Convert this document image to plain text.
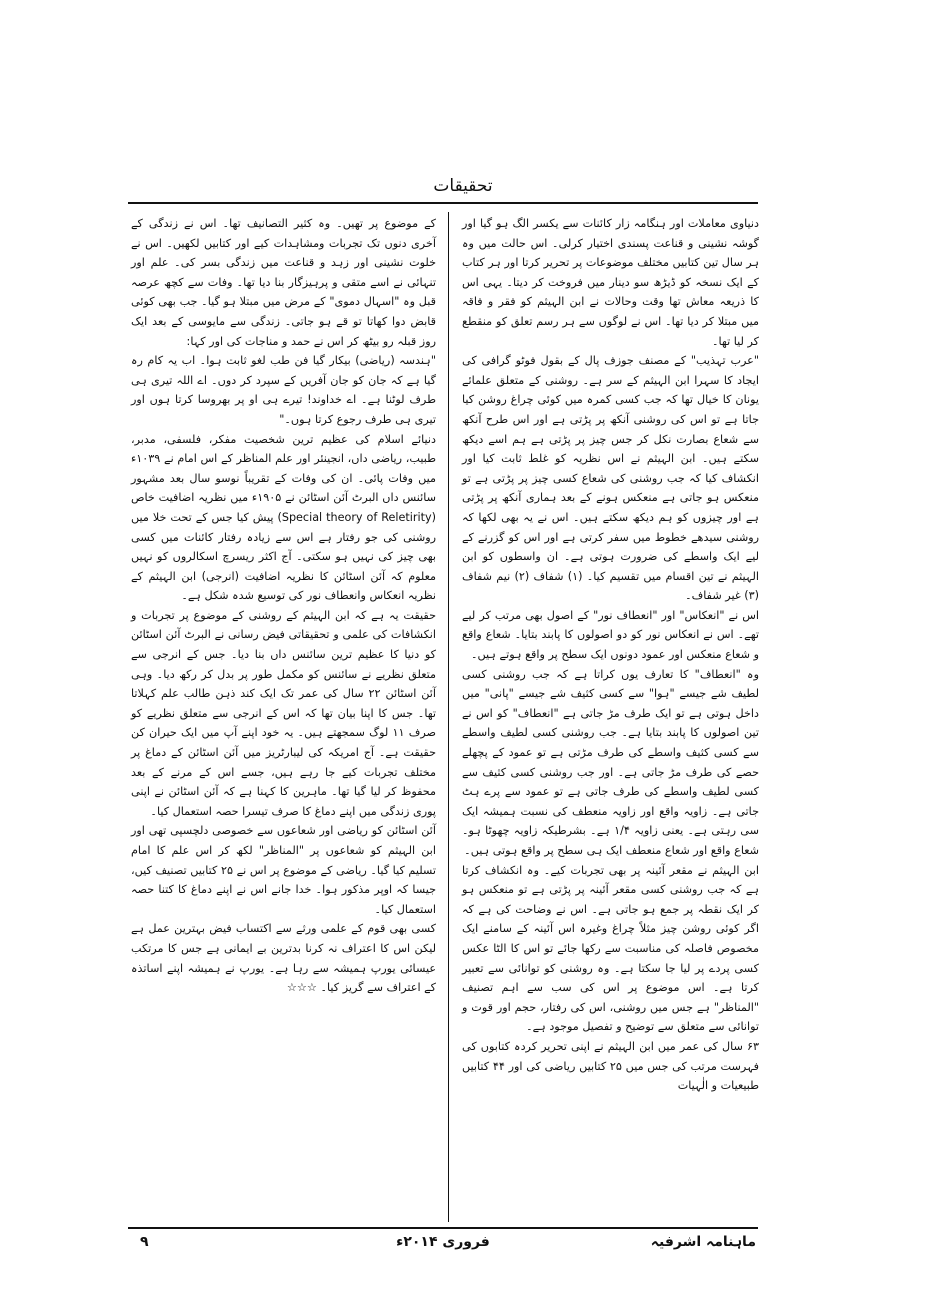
تحقیقات

دنیاوی معاملات اور ہنگامہ زار کائنات سے یکسر الگ ہو گیا اور گوشہ نشینی و قناعت پسندی اختیار کرلی۔ اس حالت میں وہ ہر سال تین کتابیں مختلف موضوعات پر تحریر کرتا اور ہر کتاب کے ایک نسخہ کو ڈیڑھ سو دینار میں فروخت کر دیتا۔ یہی اس کا ذریعہ معاش تھا وقت وحالات نے ابن الہیثم کو فقر و فاقہ میں مبتلا کر دیا تھا۔ اس نے لوگوں سے ہر رسم تعلق کو منقطع کر لیا تھا۔

"عرب تہذیب" کے مصنف جوزف پال کے بقول فوٹو گرافی کی ایجاد کا سہرا ابن الہیثم کے سر ہے۔ روشنی کے متعلق علمائے یونان کا خیال تھا کہ جب کسی کمرہ میں کوئی چراغ روشن کیا جاتا ہے تو اس کی روشنی آنکھ پر پڑتی ہے اور اس طرح آنکھ سے شعاع بصارت نکل کر جس چیز پر پڑتی ہے ہم اسے دیکھ سکتے ہیں۔ ابن الہیثم نے اس نظریہ کو غلط ثابت کیا اور انکشاف کیا کہ جب روشنی کی شعاع کسی چیز پر پڑتی ہے تو منعکس ہو جاتی ہے منعکس ہونے کے بعد ہماری آنکھ پر پڑتی ہے اور چیزوں کو ہم دیکھ سکتے ہیں۔ اس نے یہ بھی لکھا کہ روشنی سیدھے خطوط میں سفر کرتی ہے اور اس کو گزرنے کے لیے ایک واسطے کی ضرورت ہوتی ہے۔ ان واسطوں کو ابن الہیثم نے تین اقسام میں تقسیم کیا۔ (۱) شفاف (۲) نیم شفاف (۳) غیر شفاف۔

اس نے "انعکاس" اور "انعطاف نور" کے اصول بھی مرتب کر لیے تھے۔ اس نے انعکاس نور کو دو اصولوں کا پابند بتایا۔ شعاع واقع و شعاع منعکس اور عمود دونوں ایک سطح پر واقع ہوتے ہیں۔

وہ "انعطاف" کا تعارف یوں کراتا ہے کہ جب روشنی کسی لطیف شے جیسے "ہوا" سے کسی کثیف شے جیسے "پانی" میں داخل ہوتی ہے تو ایک طرف مڑ جاتی ہے "انعطاف" کو اس نے تین اصولوں کا پابند بتایا ہے۔ جب روشنی کسی لطیف واسطے سے کسی کثیف واسطے کی طرف مڑتی ہے تو عمود کے پچھلے حصے کی طرف مڑ جاتی ہے۔ اور جب روشنی کسی کثیف سے کسی لطیف واسطے کی طرف جاتی ہے تو عمود سے پرے ہٹ جاتی ہے۔ زاویہ واقع اور زاویہ منعطف کی نسبت ہمیشہ ایک سی رہتی ہے۔ یعنی زاویہ ۱/۴ ہے۔ بشرطیکہ زاویہ چھوٹا ہو۔ شعاع واقع اور شعاع منعطف ایک ہی سطح پر واقع ہوتی ہیں۔

ابن الہیثم نے مقعر آئینہ پر بھی تجربات کیے۔ وہ انکشاف کرتا ہے کہ جب روشنی کسی مقعر آئینہ پر پڑتی ہے تو منعکس ہو کر ایک نقطہ پر جمع ہو جاتی ہے۔ اس نے وضاحت کی ہے کہ اگر کوئی روشن چیز مثلاً چراغ وغیرہ اس آئینہ کے سامنے ایک مخصوص فاصلہ کی مناسبت سے رکھا جائے تو اس کا الٹا عکس کسی پردے پر لیا جا سکتا ہے۔ وہ روشنی کو توانائی سے تعبیر کرتا ہے۔ اس موضوع پر اس کی سب سے اہم تصنیف "المناظر" ہے جس میں روشنی، اس کی رفتار، حجم اور قوت و توانائی سے متعلق سے توضیح و تفصیل موجود ہے۔

۶۳ سال کی عمر میں ابن الہیثم نے اپنی تحریر کردہ کتابوں کی فہرست مرتب کی جس میں ۲۵ کتابیں ریاضی کی اور ۴۴ کتابیں طبیعیات و الٰہیات

کے موضوع پر تھیں۔ وہ کثیر التصانیف تھا۔ اس نے زندگی کے آخری دنوں تک تجربات ومشاہدات کیے اور کتابیں لکھیں۔ اس نے خلوت نشینی اور زہد و قناعت میں زندگی بسر کی۔ علم اور تنہائی نے اسے متقی و پرہیزگار بنا دیا تھا۔ وفات سے کچھ عرصہ قبل وہ "اسہال دموی" کے مرض میں مبتلا ہو گیا۔ جب بھی کوئی قابض دوا کھاتا تو قے ہو جاتی۔ زندگی سے مایوسی کے بعد ایک روز قبلہ رو بیٹھ کر اس نے حمد و مناجات کی اور کہا:

"ہندسہ (ریاضی) بیکار گیا فن طب لغو ثابت ہوا۔ اب یہ کام رہ گیا ہے کہ جان کو جان آفریں کے سپرد کر دوں۔ اے اللہ تیری ہی طرف لوٹنا ہے۔ اے خداوند! تیرے ہی او پر بھروسا کرتا ہوں اور تیری ہی طرف رجوع کرتا ہوں۔"

دنیائے اسلام کی عظیم ترین شخصیت مفکر، فلسفی، مدبر، طبیب، ریاضی داں، انجینئر اور علم المناظر کے اس امام نے ۱۰۳۹ء میں وفات پائی۔ ان کی وفات کے تقریباً نوسو سال بعد مشہور سائنس داں البرٹ آئن اسٹائن نے ۱۹۰۵ء میں نظریہ اضافیت خاص (Special theory of Reletirity) پیش کیا جس کے تحت خلا میں روشنی کی جو رفتار ہے اس سے زیادہ رفتار کائنات میں کسی بھی چیز کی نہیں ہو سکتی۔ آج اکثر ریسرچ اسکالروں کو نہیں معلوم کہ آئن اسٹائن کا نظریہ اضافیت (انرجی) ابن الہیثم کے نظریہ انعکاس وانعطاف نور کی توسیع شدہ شکل ہے۔

حقیقت یہ ہے کہ ابن الہیثم کے روشنی کے موضوع پر تجربات و انکشافات کی علمی و تحقیقاتی فیض رسانی نے البرٹ آئن اسٹائن کو دنیا کا عظیم ترین سائنس داں بنا دیا۔ جس کے انرجی سے متعلق نظریے نے سائنس کو مکمل طور پر بدل کر رکھ دیا۔ وہی آئن اسٹائن ۲۲ سال کی عمر تک ایک کند ذہن طالب علم کہلاتا تھا۔ جس کا اپنا بیان تھا کہ اس کے انرجی سے متعلق نظریے کو صرف ۱۱ لوگ سمجھتے ہیں۔ یہ خود اپنے آپ میں ایک حیران کن حقیقت ہے۔ آج امریکہ کی لیبارٹریز میں آئن اسٹائن کے دماغ پر مختلف تجربات کیے جا رہے ہیں، جسے اس کے مرنے کے بعد محفوظ کر لیا گیا تھا۔ ماہرین کا کہنا ہے کہ آئن اسٹائن نے اپنی پوری زندگی میں اپنے دماغ کا صرف تیسرا حصہ استعمال کیا۔

آئن اسٹائن کو ریاضی اور شعاعوں سے خصوصی دلچسپی تھی اور ابن الہیثم کو شعاعوں پر "المناظر" لکھ کر اس علم کا امام تسلیم کیا گیا۔ ریاضی کے موضوع پر اس نے ۲۵ کتابیں تصنیف کیں، جیسا کہ اوپر مذکور ہوا۔ خدا جانے اس نے اپنے دماغ کا کتنا حصہ استعمال کیا۔

کسی بھی قوم کے علمی ورثے سے اکتساب فیض بہترین عمل ہے لیکن اس کا اعتراف نہ کرنا بدترین بے ایمانی ہے جس کا مرتکب عیسائی یورپ ہمیشہ سے رہا ہے۔ یورپ نے ہمیشہ اپنے اساتذہ کے اعتراف سے گریز کیا۔ ☆☆☆

۹	فروری ۲۰۱۴ء	ماہنامہ اشرفیہ
